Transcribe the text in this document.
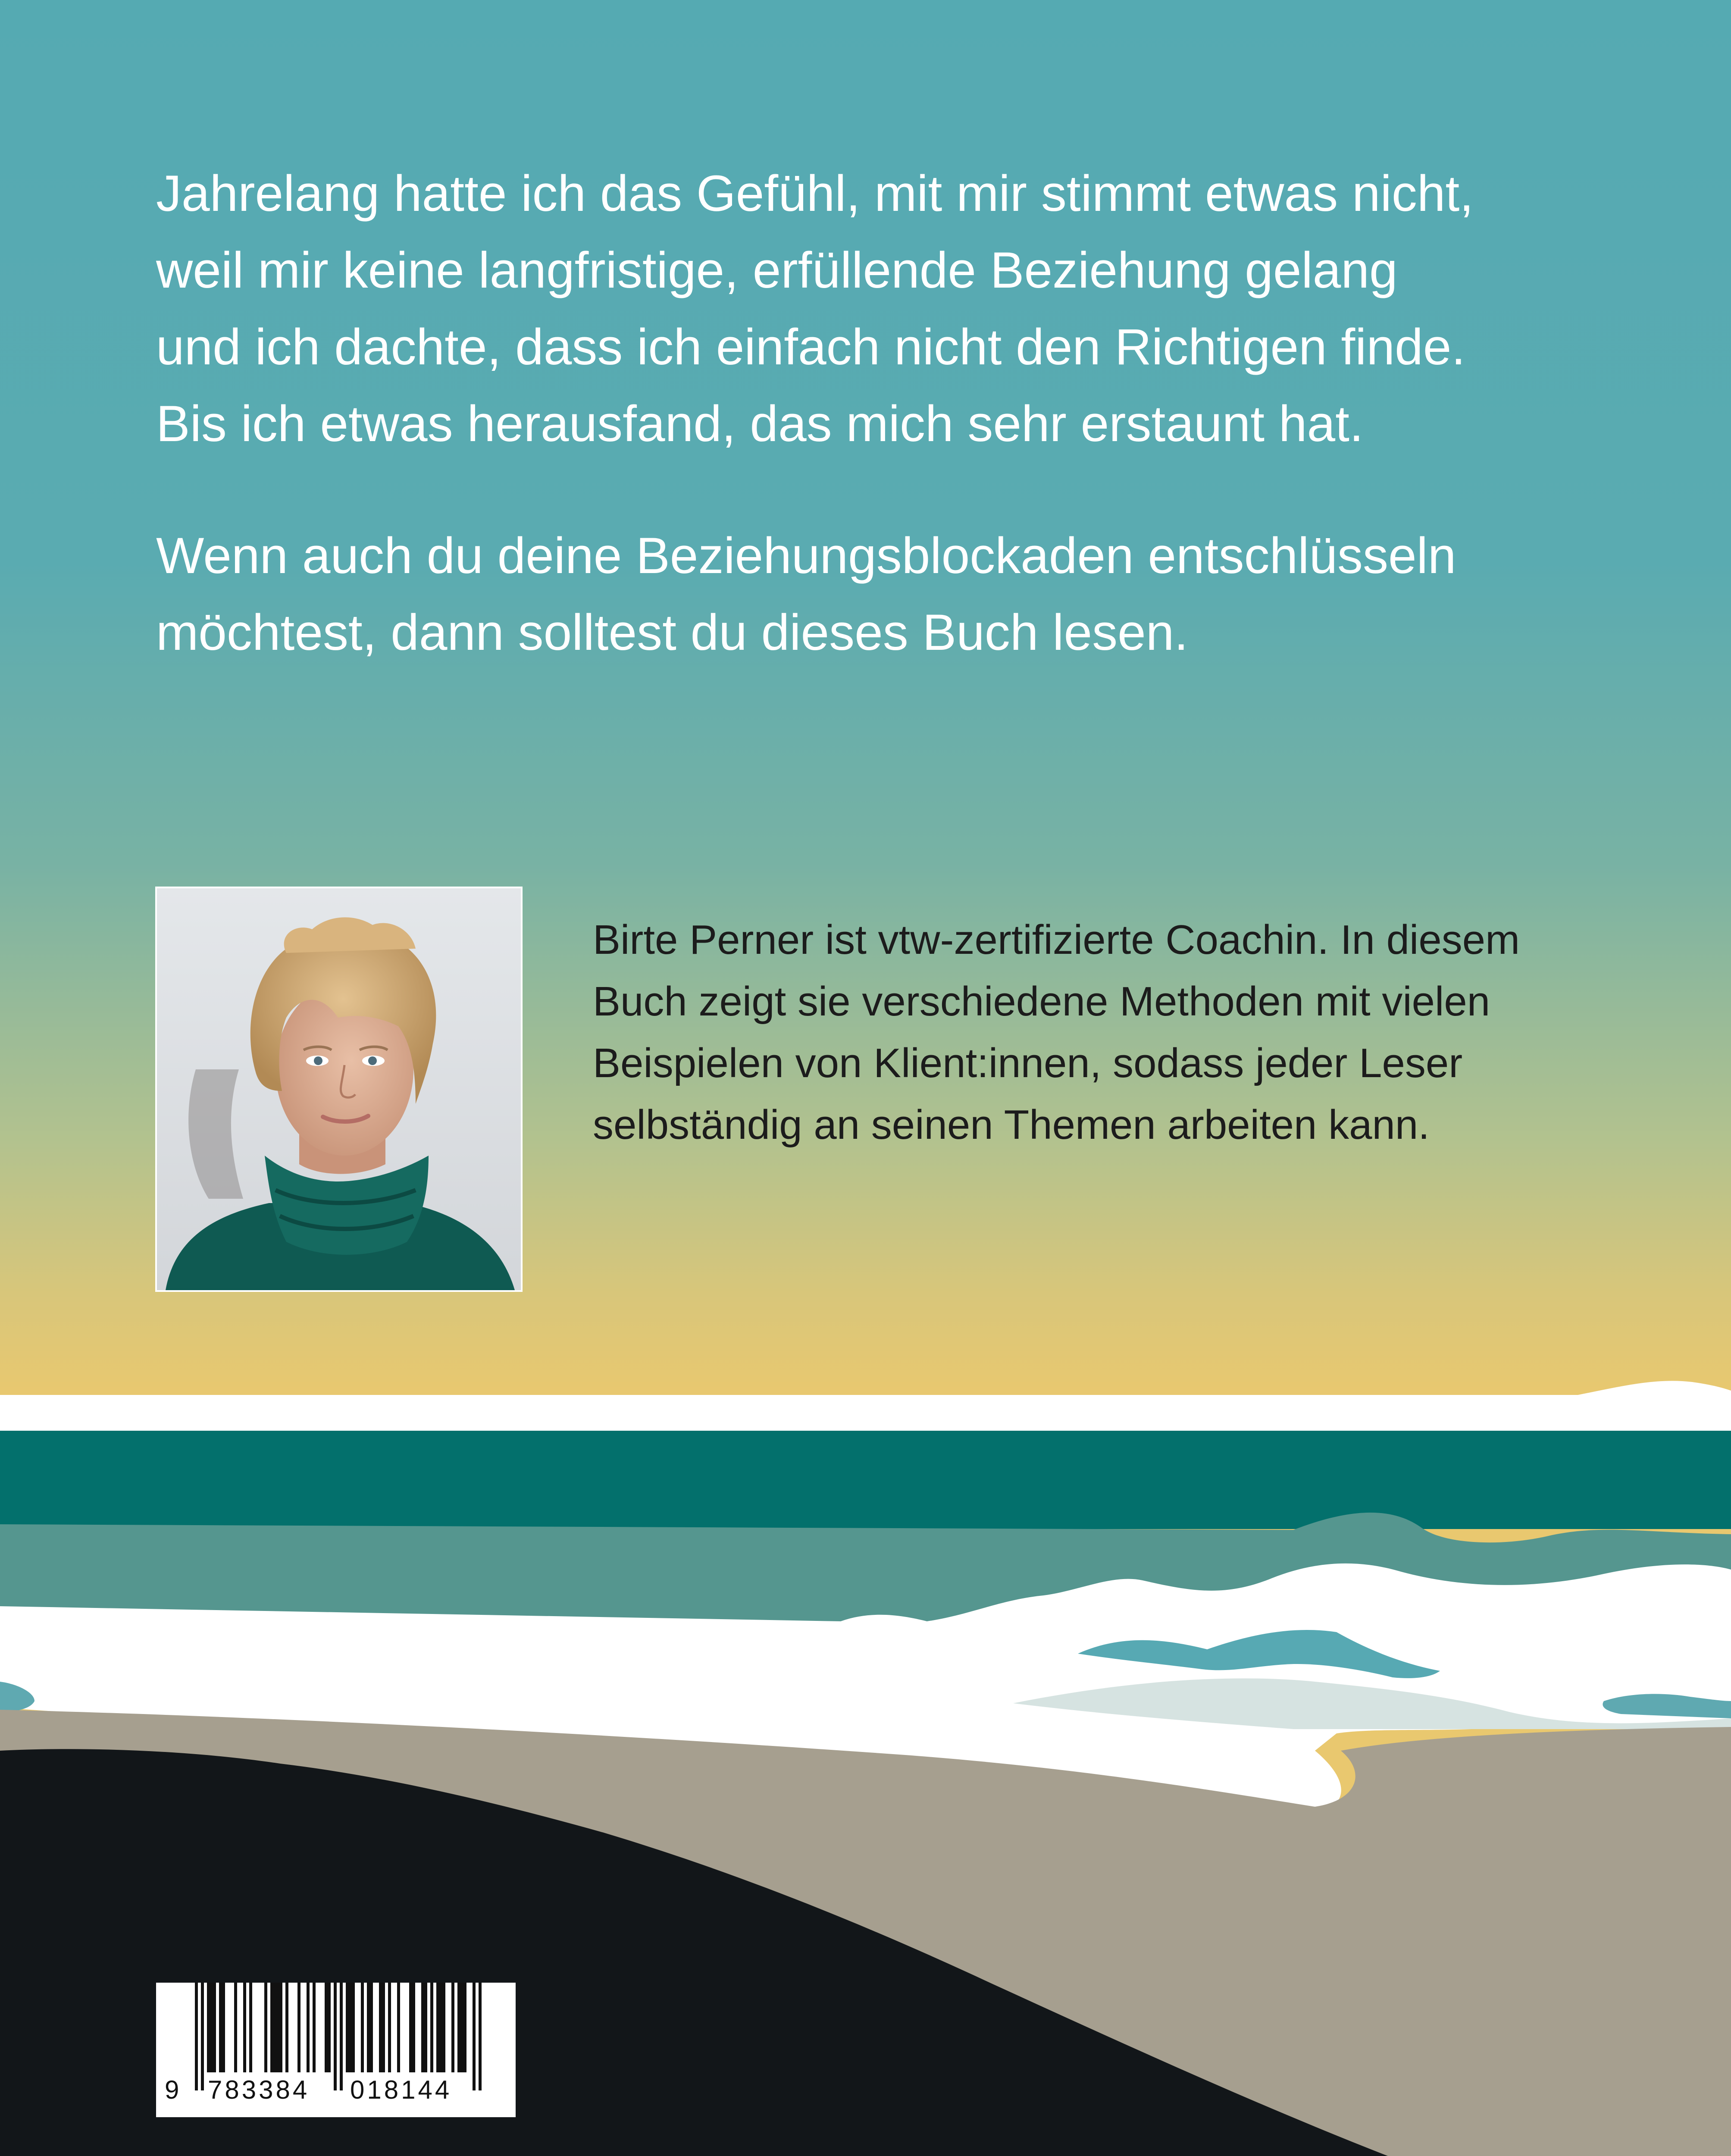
Jahrelang hatte ich das Gefühl, mit mir stimmt etwas nicht,
weil mir keine langfristige, erfüllende Beziehung gelang
und ich dachte, dass ich einfach nicht den Richtigen finde.
Bis ich etwas herausfand, das mich sehr erstaunt hat.

Wenn auch du deine Beziehungsblockaden entschlüsseln
möchtest, dann solltest du dieses Buch lesen.

Birte Perner ist vtw-zertifizierte Coachin. In diesem
Buch zeigt sie verschiedene Methoden mit vielen
Beispielen von Klient:innen, sodass jeder Leser
selbständig an seinen Themen arbeiten kann.

9 783384 018144
